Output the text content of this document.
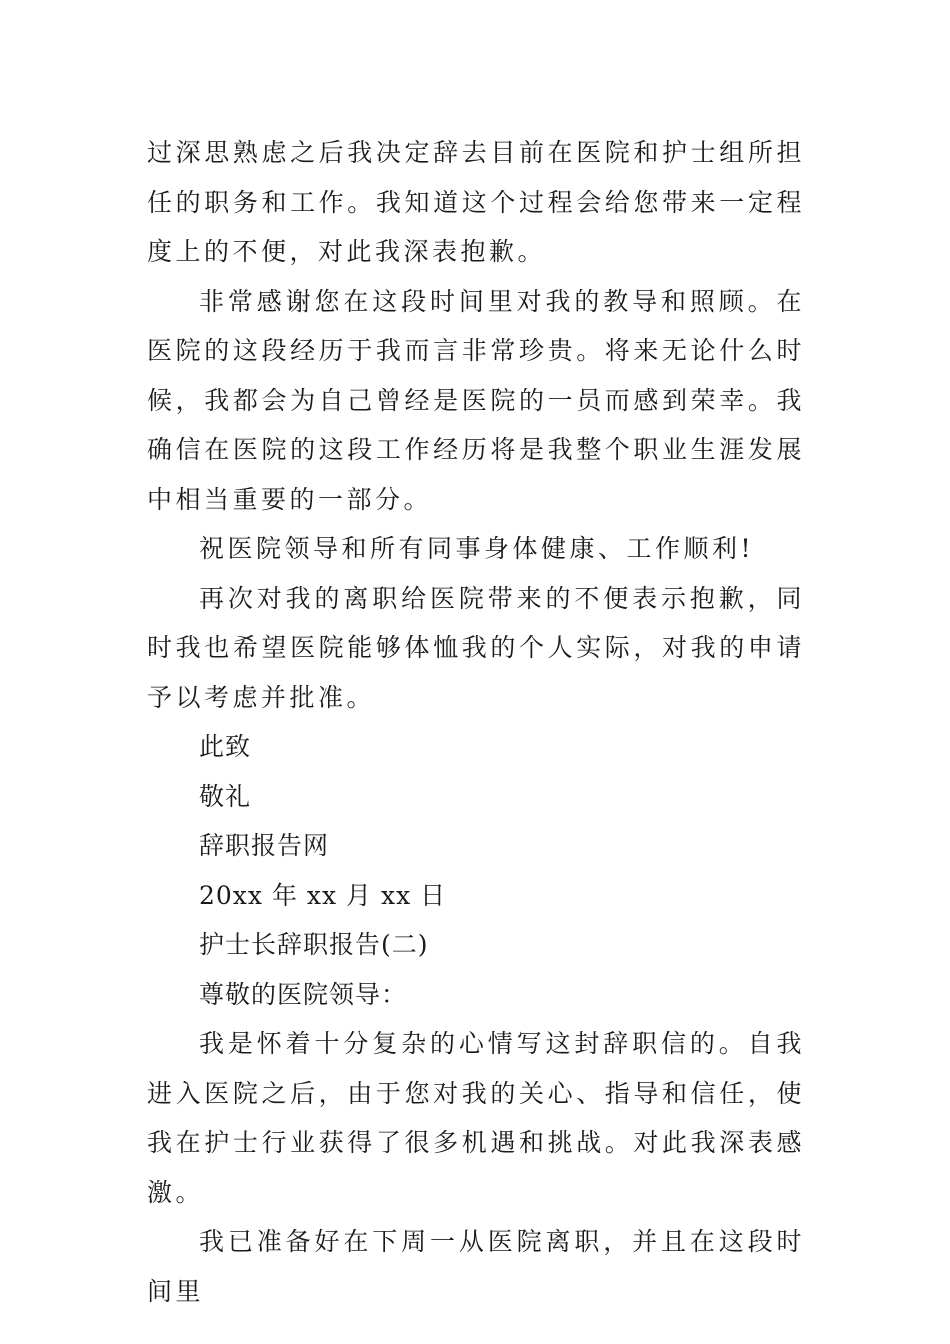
过深思熟虑之后我决定辞去目前在医院和护士组所担任的职务和工作。我知道这个过程会给您带来一定程度上的不便，对此我深表抱歉。

非常感谢您在这段时间里对我的教导和照顾。在医院的这段经历于我而言非常珍贵。将来无论什么时候，我都会为自己曾经是医院的一员而感到荣幸。我确信在医院的这段工作经历将是我整个职业生涯发展中相当重要的一部分。

祝医院领导和所有同事身体健康、工作顺利!

再次对我的离职给医院带来的不便表示抱歉，同时我也希望医院能够体恤我的个人实际，对我的申请予以考虑并批准。

此致

敬礼

辞职报告网

20xx 年 xx 月 xx 日

护士长辞职报告(二)

尊敬的医院领导：

我是怀着十分复杂的心情写这封辞职信的。自我进入医院之后，由于您对我的关心、指导和信任，使我在护士行业获得了很多机遇和挑战。对此我深表感激。

我已准备好在下周一从医院离职，并且在这段时间里
